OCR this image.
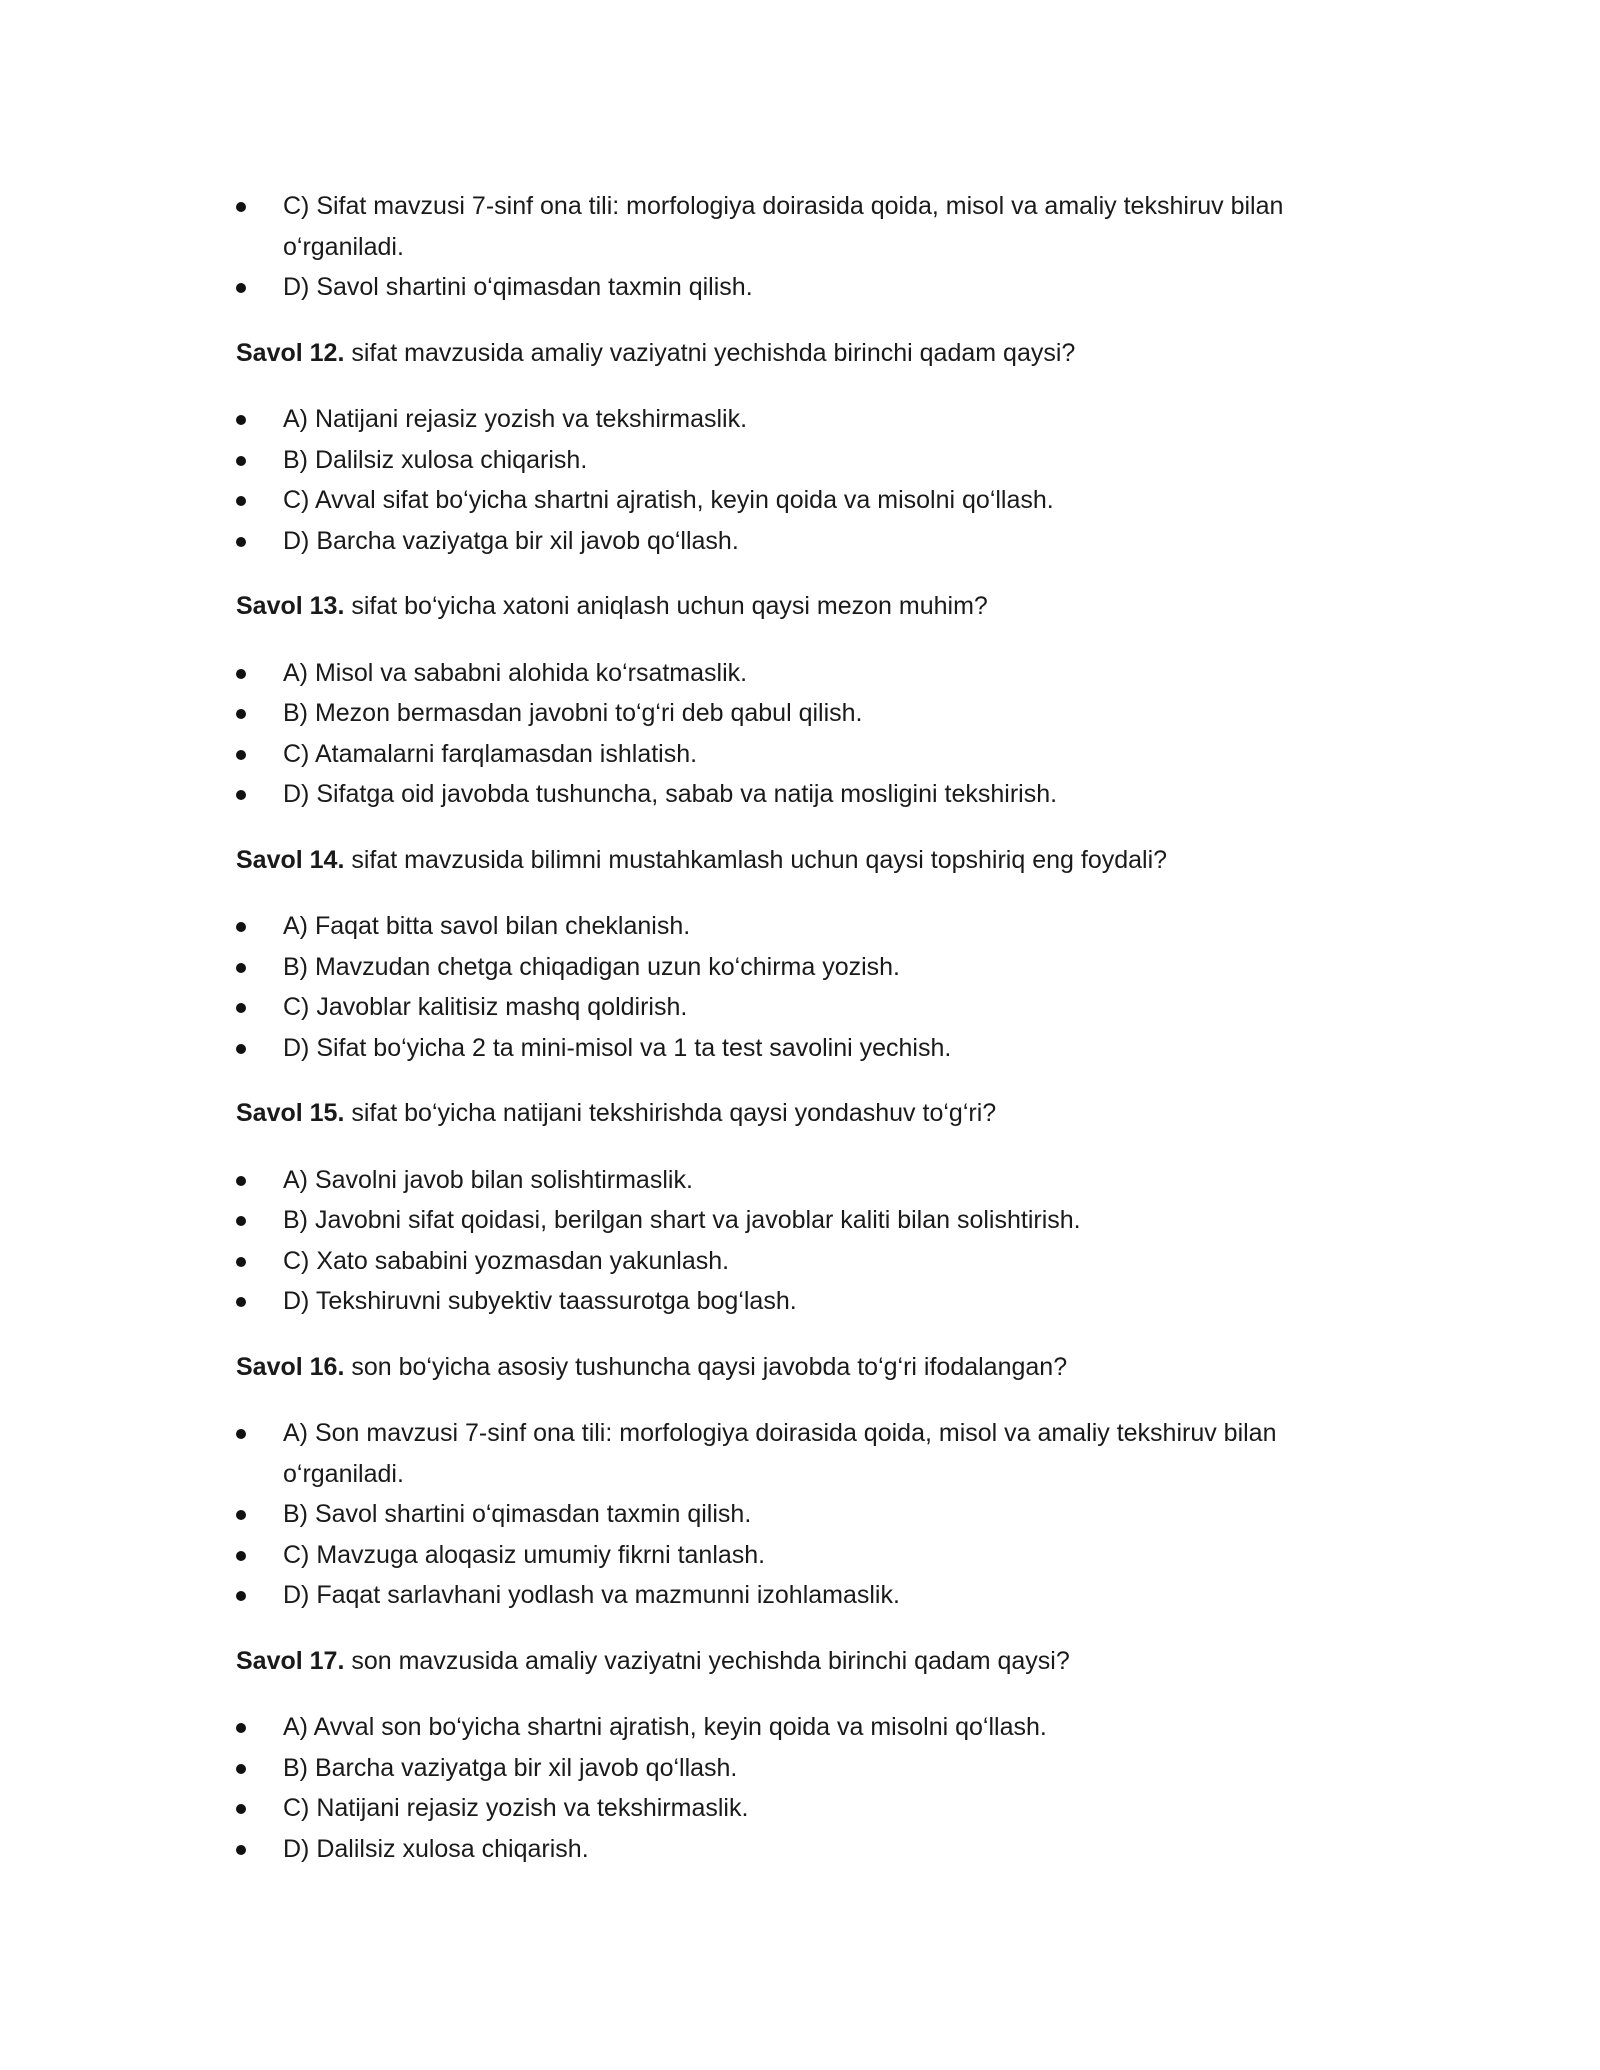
C) Sifat mavzusi 7-sinf ona tili: morfologiya doirasida qoida, misol va amaliy tekshiruv bilan o‘rganiladi.
D) Savol shartini o‘qimasdan taxmin qilish.

Savol 12. sifat mavzusida amaliy vaziyatni yechishda birinchi qadam qaysi?

A) Natijani rejasiz yozish va tekshirmaslik.
B) Dalilsiz xulosa chiqarish.
C) Avval sifat bo‘yicha shartni ajratish, keyin qoida va misolni qo‘llash.
D) Barcha vaziyatga bir xil javob qo‘llash.

Savol 13. sifat bo‘yicha xatoni aniqlash uchun qaysi mezon muhim?

A) Misol va sababni alohida ko‘rsatmaslik.
B) Mezon bermasdan javobni to‘g‘ri deb qabul qilish.
C) Atamalarni farqlamasdan ishlatish.
D) Sifatga oid javobda tushuncha, sabab va natija mosligini tekshirish.

Savol 14. sifat mavzusida bilimni mustahkamlash uchun qaysi topshiriq eng foydali?

A) Faqat bitta savol bilan cheklanish.
B) Mavzudan chetga chiqadigan uzun ko‘chirma yozish.
C) Javoblar kalitisiz mashq qoldirish.
D) Sifat bo‘yicha 2 ta mini-misol va 1 ta test savolini yechish.

Savol 15. sifat bo‘yicha natijani tekshirishda qaysi yondashuv to‘g‘ri?

A) Savolni javob bilan solishtirmaslik.
B) Javobni sifat qoidasi, berilgan shart va javoblar kaliti bilan solishtirish.
C) Xato sababini yozmasdan yakunlash.
D) Tekshiruvni subyektiv taassurotga bog‘lash.

Savol 16. son bo‘yicha asosiy tushuncha qaysi javobda to‘g‘ri ifodalangan?

A) Son mavzusi 7-sinf ona tili: morfologiya doirasida qoida, misol va amaliy tekshiruv bilan o‘rganiladi.
B) Savol shartini o‘qimasdan taxmin qilish.
C) Mavzuga aloqasiz umumiy fikrni tanlash.
D) Faqat sarlavhani yodlash va mazmunni izohlamaslik.

Savol 17. son mavzusida amaliy vaziyatni yechishda birinchi qadam qaysi?

A) Avval son bo‘yicha shartni ajratish, keyin qoida va misolni qo‘llash.
B) Barcha vaziyatga bir xil javob qo‘llash.
C) Natijani rejasiz yozish va tekshirmaslik.
D) Dalilsiz xulosa chiqarish.
